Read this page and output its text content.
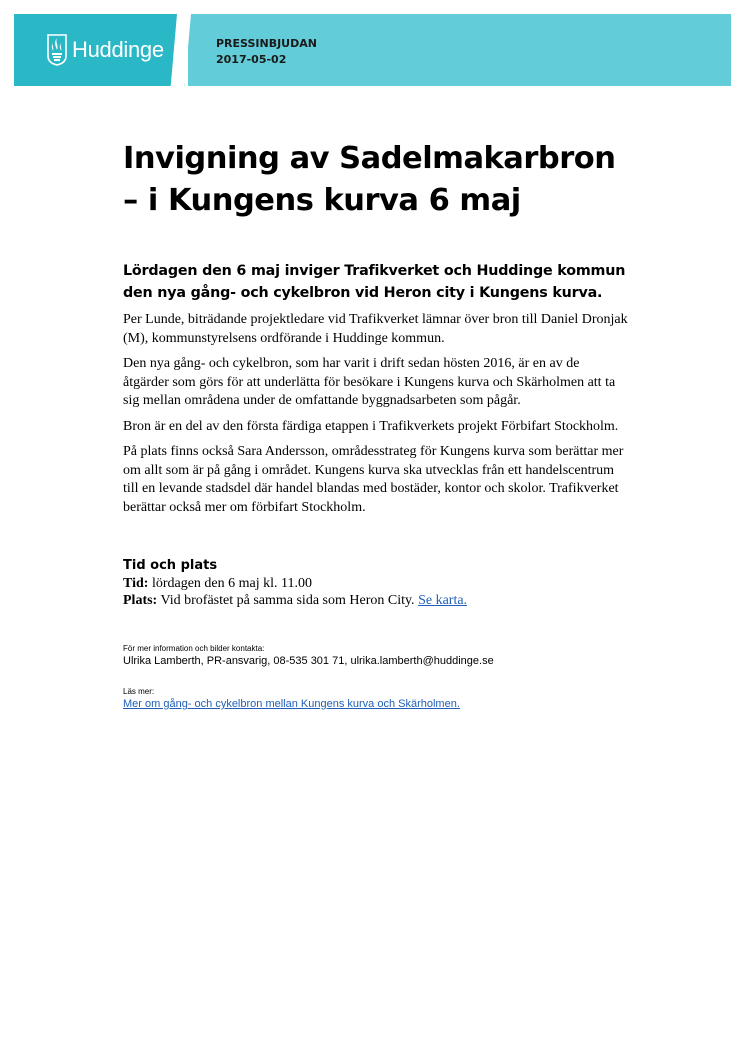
Huddinge	PRESSINBJUDAN
2017-05-02
Invigning av Sadelmakarbron
– i Kungens kurva 6 maj

Lördagen den 6 maj inviger Trafikverket och Huddinge kommun den nya gång- och cykelbron vid Heron city i Kungens kurva.

Per Lunde, biträdande projektledare vid Trafikverket lämnar över bron till Daniel Dronjak (M), kommunstyrelsens ordförande i Huddinge kommun.

Den nya gång- och cykelbron, som har varit i drift sedan hösten 2016, är en av de åtgärder som görs för att underlätta för besökare i Kungens kurva och Skärholmen att ta sig mellan områdena under de omfattande byggnadsarbeten som pågår.

Bron är en del av den första färdiga etappen i Trafikverkets projekt Förbifart Stockholm.

På plats finns också Sara Andersson, områdesstrateg för Kungens kurva som berättar mer om allt som är på gång i området. Kungens kurva ska utvecklas från ett handelscentrum till en levande stadsdel där handel blandas med bostäder, kontor och skolor. Trafikverket berättar också mer om förbifart Stockholm.

Tid och plats

Tid: lördagen den 6 maj kl. 11.00

Plats: Vid brofästet på samma sida som Heron City. Se karta.

För mer information och bilder kontakta:

Ulrika Lamberth, PR-ansvarig, 08-535 301 71, ulrika.lamberth@huddinge.se

Läs mer:

Mer om gång- och cykelbron mellan Kungens kurva och Skärholmen.
